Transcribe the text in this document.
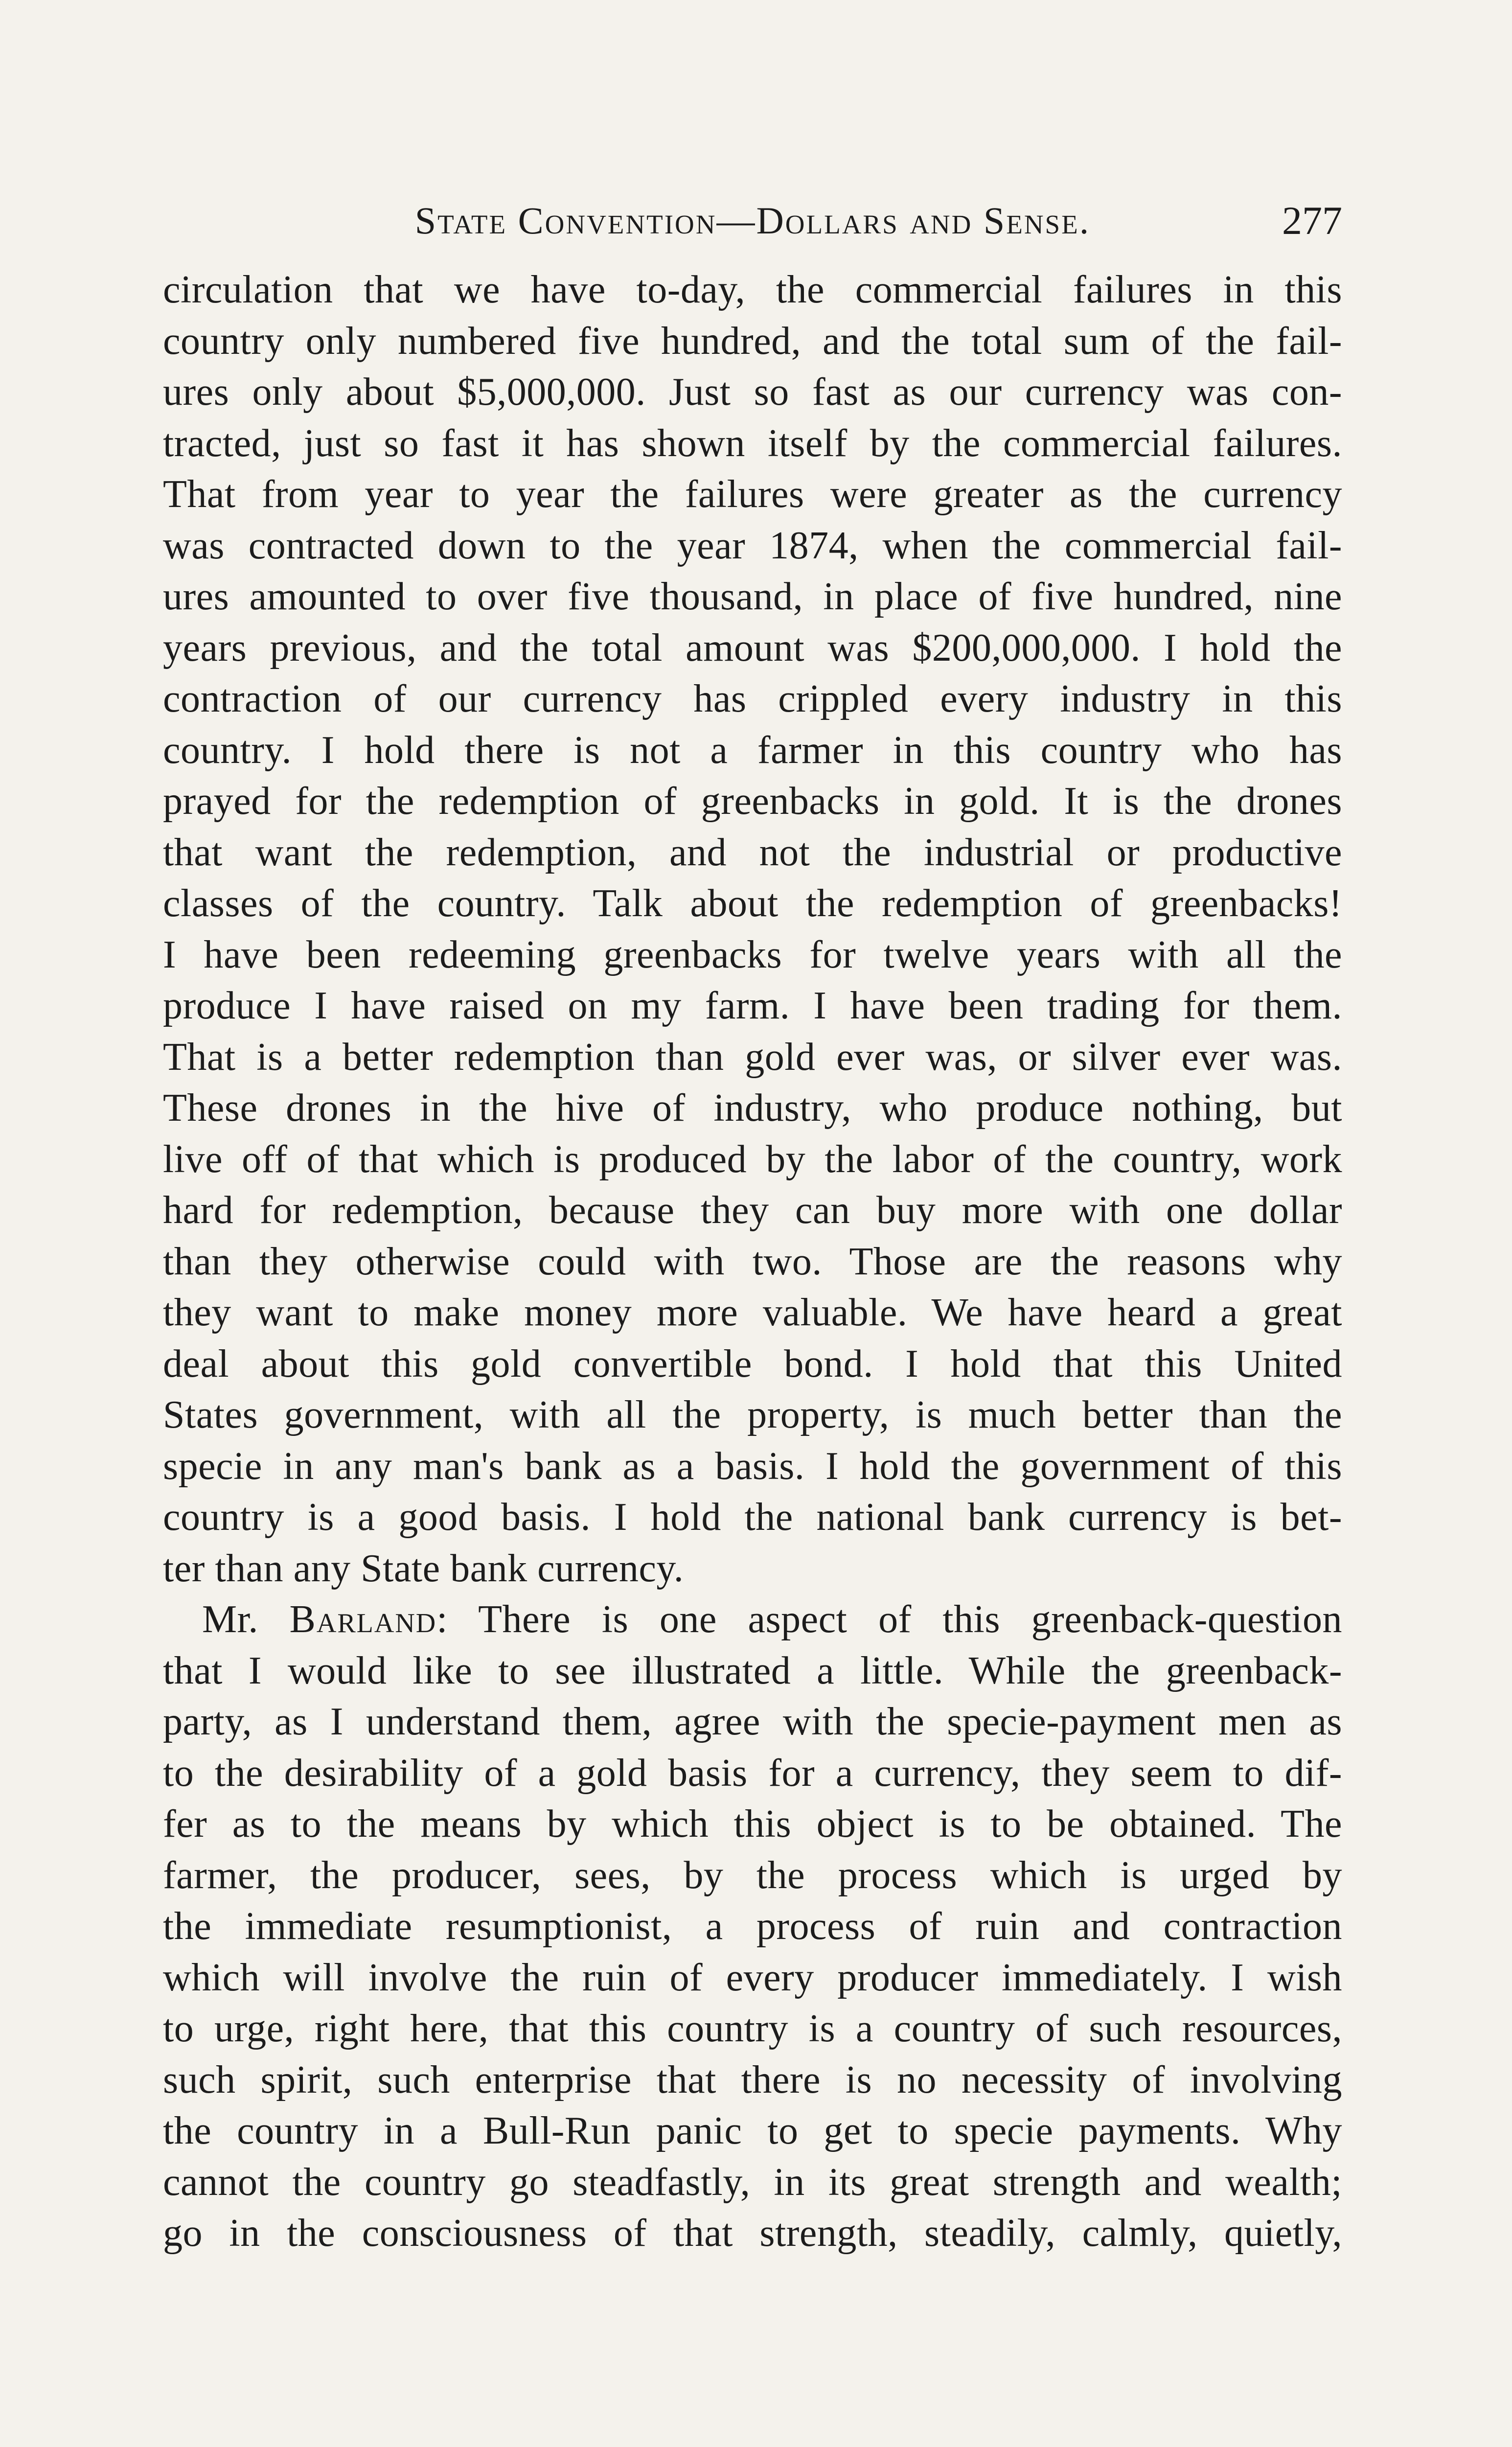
State Convention—Dollars and Sense.	277
circulation that we have to-day, the commercial failures in this
country only numbered five hundred, and the total sum of the fail-
ures only about $5,000,000. Just so fast as our currency was con-
tracted, just so fast it has shown itself by the commercial failures.
That from year to year the failures were greater as the currency
was contracted down to the year 1874, when the commercial fail-
ures amounted to over five thousand, in place of five hundred, nine
years previous, and the total amount was $200,000,000. I hold the
contraction of our currency has crippled every industry in this
country. I hold there is not a farmer in this country who has
prayed for the redemption of greenbacks in gold. It is the drones
that want the redemption, and not the industrial or productive
classes of the country. Talk about the redemption of greenbacks!
I have been redeeming greenbacks for twelve years with all the
produce I have raised on my farm. I have been trading for them.
That is a better redemption than gold ever was, or silver ever was.
These drones in the hive of industry, who produce nothing, but
live off of that which is produced by the labor of the country, work
hard for redemption, because they can buy more with one dollar
than they otherwise could with two. Those are the reasons why
they want to make money more valuable. We have heard a great
deal about this gold convertible bond. I hold that this United
States government, with all the property, is much better than the
specie in any man's bank as a basis. I hold the government of this
country is a good basis. I hold the national bank currency is bet-
ter than any State bank currency.
Mr. Barland: There is one aspect of this greenback-question
that I would like to see illustrated a little. While the greenback-
party, as I understand them, agree with the specie-payment men as
to the desirability of a gold basis for a currency, they seem to dif-
fer as to the means by which this object is to be obtained. The
farmer, the producer, sees, by the process which is urged by
the immediate resumptionist, a process of ruin and contraction
which will involve the ruin of every producer immediately. I wish
to urge, right here, that this country is a country of such resources,
such spirit, such enterprise that there is no necessity of involving
the country in a Bull-Run panic to get to specie payments. Why
cannot the country go steadfastly, in its great strength and wealth;
go in the consciousness of that strength, steadily, calmly, quietly,
